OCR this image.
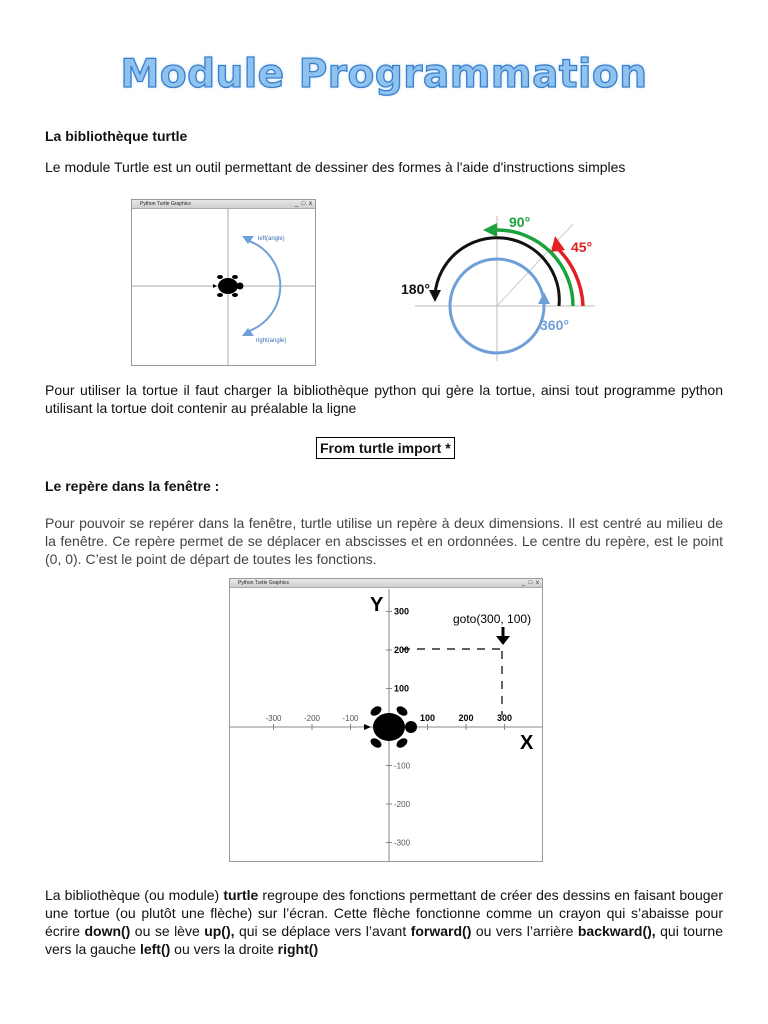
Module Programmation
La bibliothèque turtle
Le module Turtle est un outil permettant de dessiner des formes à l'aide d'instructions simples
Python Turtle Graphics	_ □ x
left(angle)
right(angle)
90°
45°
180°
360°
Pour utiliser la tortue il faut charger la bibliothèque python qui gère la tortue, ainsi tout programme python utilisant la tortue doit contenir au préalable la ligne
From turtle import *
Le repère dans la fenêtre :
Pour pouvoir se repérer dans la fenêtre, turtle utilise un repère à deux dimensions. Il est centré au milieu de la fenêtre. Ce repère permet de se déplacer en abscisses et en ordonnées. Le centre du repère, est le point (0, 0). C’est le point de départ de toutes les fonctions.
Python Turtle Graphics	_ □ x
-300	-200	-100	100	200	300
300
200
100
-100
-200
-300
Y
X
goto(300, 100)
La bibliothèque (ou module) turtle regroupe des fonctions permettant de créer des dessins en faisant bouger une tortue (ou plutôt une flèche) sur l’écran. Cette flèche fonctionne comme un crayon qui s’abaisse pour écrire down() ou se lève up(), qui se déplace vers l’avant forward() ou vers l’arrière backward(), qui tourne vers la gauche left() ou vers la droite right()
